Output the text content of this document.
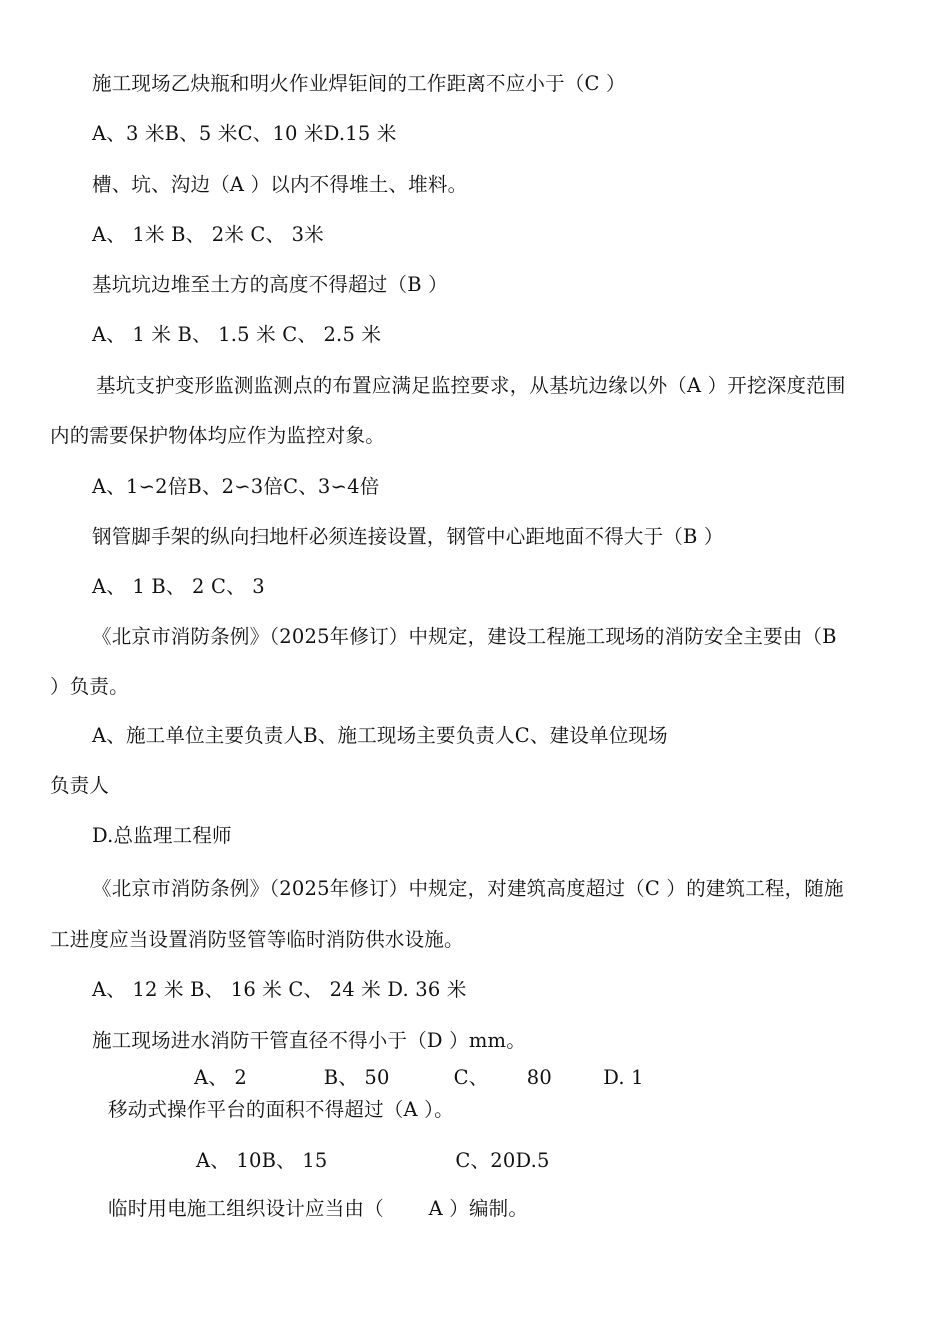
施工现场乙炔瓶和明火作业焊钜间的工作距离不应小于（C ）
A、3 米B、5 米C、10 米D.15 米
槽、坑、沟边（A ）以内不得堆土、堆料。
A、 1米 B、 2米 C、 3米
基坑坑边堆至土方的高度不得超过（B ）
A、 1 米 B、 1.5 米 C、 2.5 米
基坑支护变形监测监测点的布置应满足监控要求，从基坑边缘以外（A ）开挖深度范围
内的需要保护物体均应作为监控对象。
A、1∽2倍B、2∽3倍C、3∽4倍
钢管脚手架的纵向扫地杆必须连接设置，钢管中心距地面不得大于（B ）
A、 1 B、 2 C、 3
《北京市消防条例》（2025年修订）中规定，建设工程施工现场的消防安全主要由（B
）负责。
A、施工单位主要负责人B、施工现场主要负责人C、建设单位现场
负责人
D.总监理工程师
《北京市消防条例》（2025年修订）中规定，对建筑高度超过（C ）的建筑工程，随施
工进度应当设置消防竖管等临时消防供水设施。
A、 12 米 B、 16 米 C、 24 米 D. 36 米
施工现场进水消防干管直径不得小于（D ）mm。
A、 2            B、 50          C、      80        D. 1
移动式操作平台的面积不得超过（A ）。
A、 10B、 15                    C、20D.5
临时用电施工组织设计应当由（       A ）编制。
